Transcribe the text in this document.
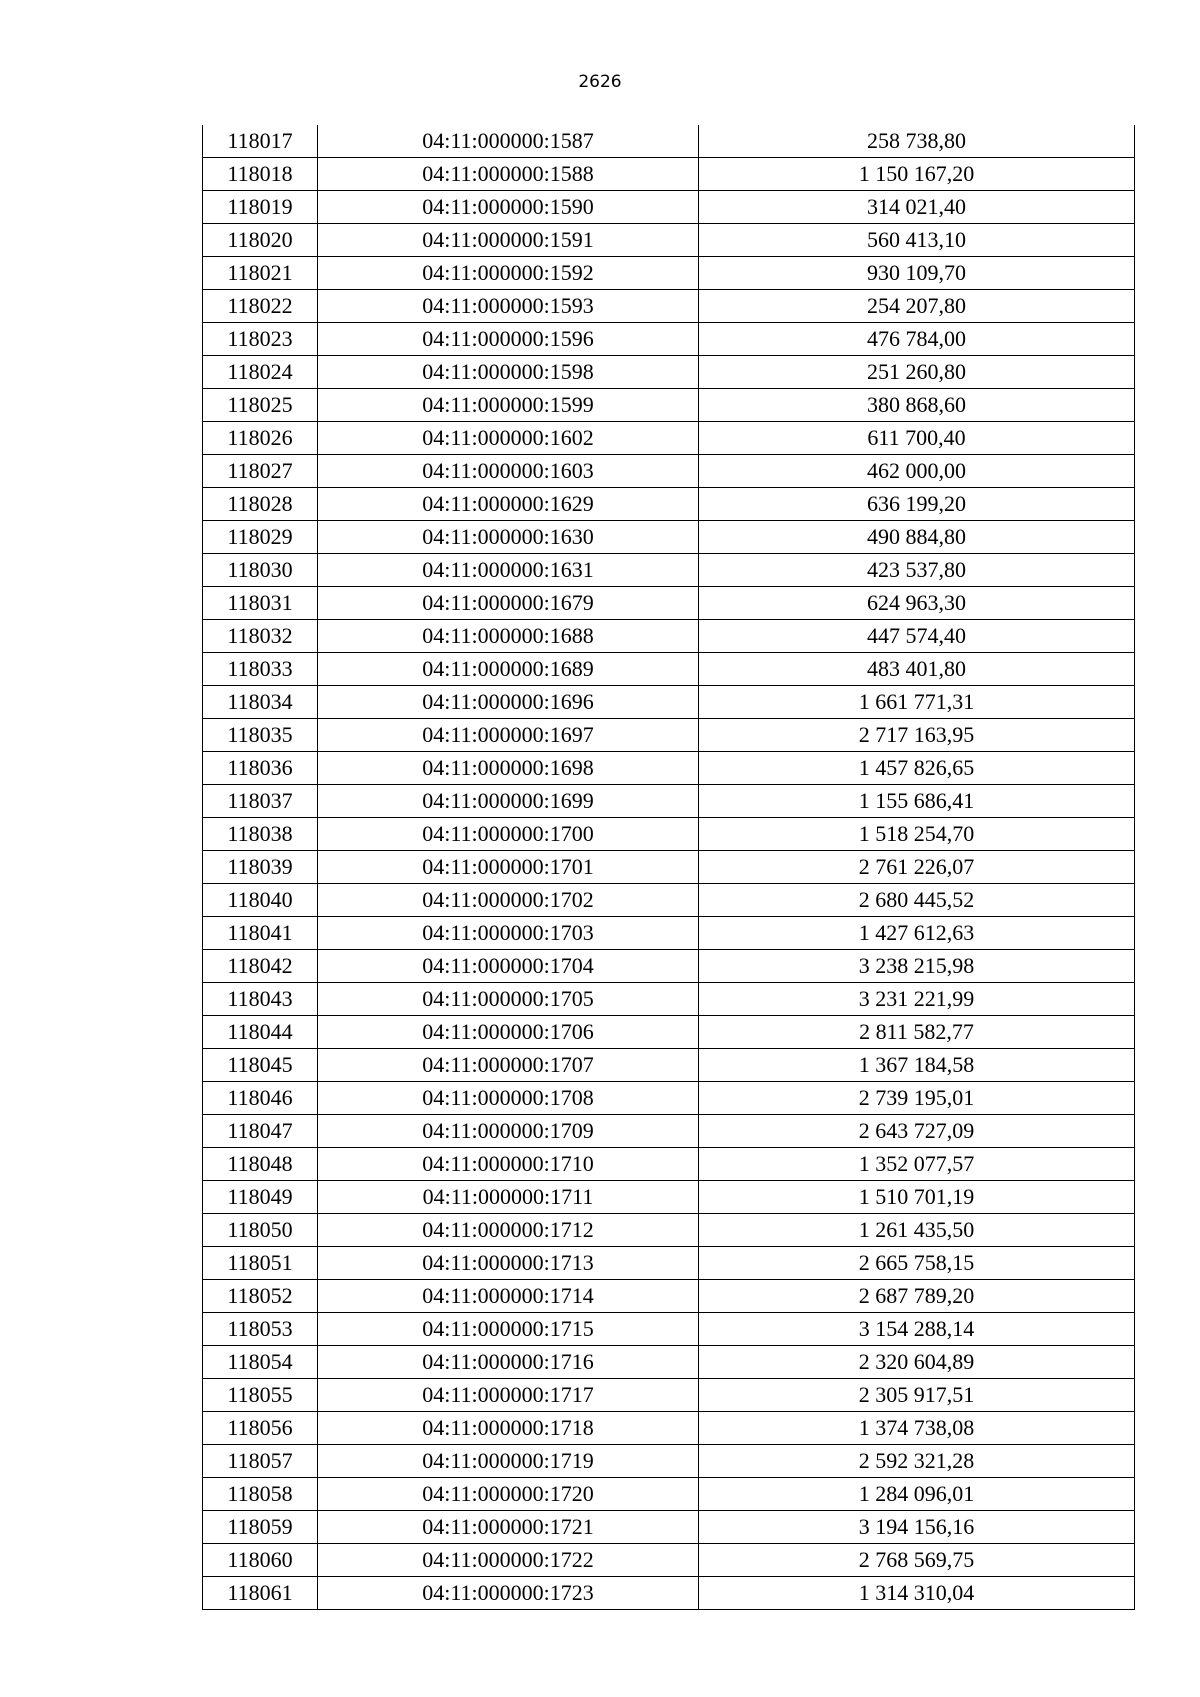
2626
118017	04:11:000000:1587	258 738,80
118018	04:11:000000:1588	1 150 167,20
118019	04:11:000000:1590	314 021,40
118020	04:11:000000:1591	560 413,10
118021	04:11:000000:1592	930 109,70
118022	04:11:000000:1593	254 207,80
118023	04:11:000000:1596	476 784,00
118024	04:11:000000:1598	251 260,80
118025	04:11:000000:1599	380 868,60
118026	04:11:000000:1602	611 700,40
118027	04:11:000000:1603	462 000,00
118028	04:11:000000:1629	636 199,20
118029	04:11:000000:1630	490 884,80
118030	04:11:000000:1631	423 537,80
118031	04:11:000000:1679	624 963,30
118032	04:11:000000:1688	447 574,40
118033	04:11:000000:1689	483 401,80
118034	04:11:000000:1696	1 661 771,31
118035	04:11:000000:1697	2 717 163,95
118036	04:11:000000:1698	1 457 826,65
118037	04:11:000000:1699	1 155 686,41
118038	04:11:000000:1700	1 518 254,70
118039	04:11:000000:1701	2 761 226,07
118040	04:11:000000:1702	2 680 445,52
118041	04:11:000000:1703	1 427 612,63
118042	04:11:000000:1704	3 238 215,98
118043	04:11:000000:1705	3 231 221,99
118044	04:11:000000:1706	2 811 582,77
118045	04:11:000000:1707	1 367 184,58
118046	04:11:000000:1708	2 739 195,01
118047	04:11:000000:1709	2 643 727,09
118048	04:11:000000:1710	1 352 077,57
118049	04:11:000000:1711	1 510 701,19
118050	04:11:000000:1712	1 261 435,50
118051	04:11:000000:1713	2 665 758,15
118052	04:11:000000:1714	2 687 789,20
118053	04:11:000000:1715	3 154 288,14
118054	04:11:000000:1716	2 320 604,89
118055	04:11:000000:1717	2 305 917,51
118056	04:11:000000:1718	1 374 738,08
118057	04:11:000000:1719	2 592 321,28
118058	04:11:000000:1720	1 284 096,01
118059	04:11:000000:1721	3 194 156,16
118060	04:11:000000:1722	2 768 569,75
118061	04:11:000000:1723	1 314 310,04
